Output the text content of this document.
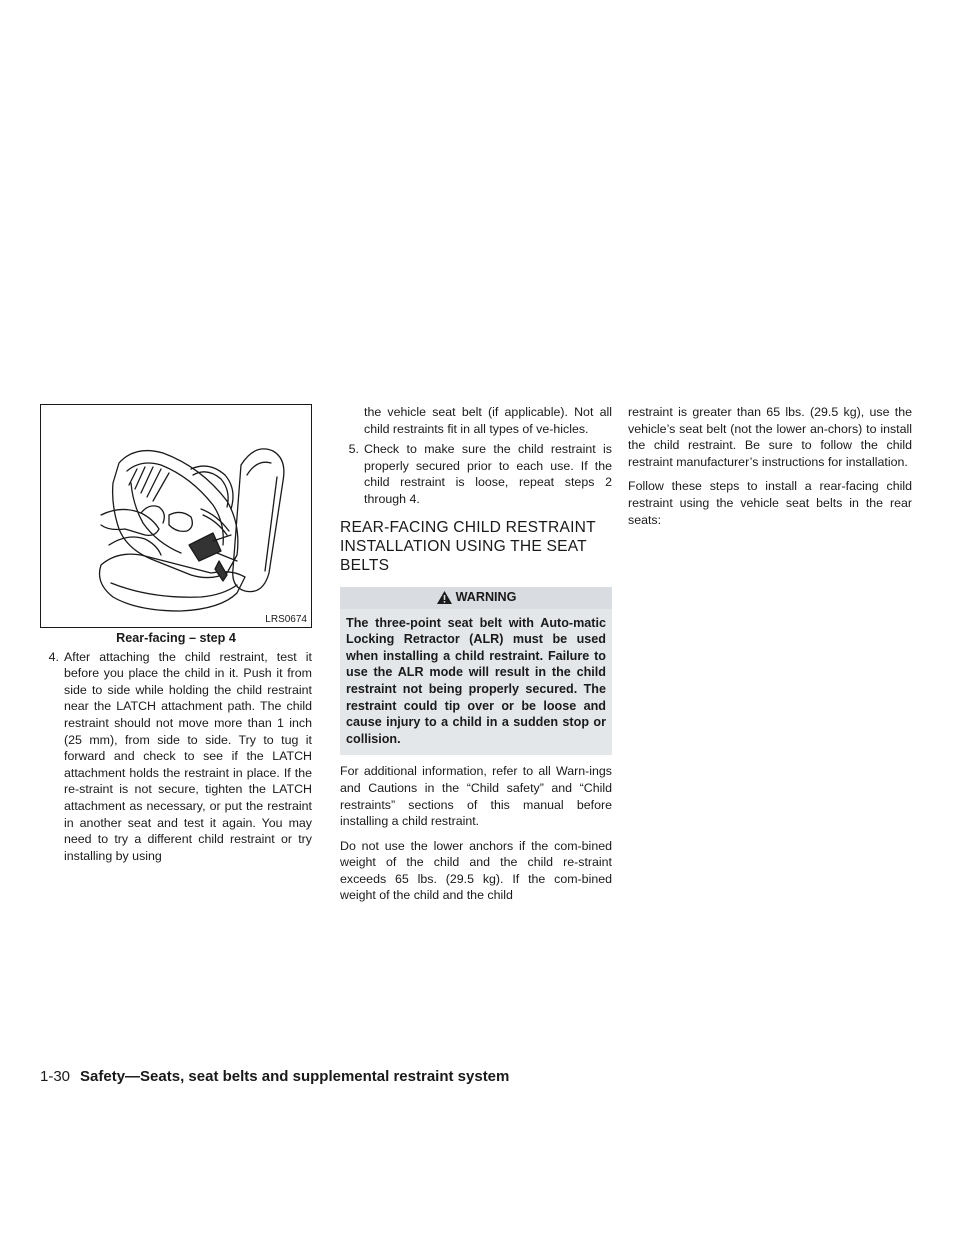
LRS0674
Rear-facing – step 4
4. After attaching the child restraint, test it before you place the child in it. Push it from side to side while holding the child restraint near the LATCH attachment path. The child restraint should not move more than 1 inch (25 mm), from side to side. Try to tug it forward and check to see if the LATCH attachment holds the restraint in place. If the re-straint is not secure, tighten the LATCH attachment as necessary, or put the restraint in another seat and test it again. You may need to try a different child restraint or try installing by using
the vehicle seat belt (if applicable). Not all child restraints fit in all types of ve-hicles.
5. Check to make sure the child restraint is properly secured prior to each use. If the child restraint is loose, repeat steps 2 through 4.
REAR-FACING CHILD RESTRAINT INSTALLATION USING THE SEAT BELTS
WARNING
The three-point seat belt with Auto-matic Locking Retractor (ALR) must be used when installing a child restraint. Failure to use the ALR mode will result in the child restraint not being properly secured. The restraint could tip over or be loose and cause injury to a child in a sudden stop or collision.

For additional information, refer to all Warn-ings and Cautions in the “Child safety” and “Child restraints” sections of this manual before installing a child restraint.

Do not use the lower anchors if the com-bined weight of the child and the child re-straint exceeds 65 lbs. (29.5 kg). If the com-bined weight of the child and the child

restraint is greater than 65 lbs. (29.5 kg), use the vehicle’s seat belt (not the lower an-chors) to install the child restraint. Be sure to follow the child restraint manufacturer’s instructions for installation.

Follow these steps to install a rear-facing child restraint using the vehicle seat belts in the rear seats:

1-30 Safety—Seats, seat belts and supplemental restraint system
